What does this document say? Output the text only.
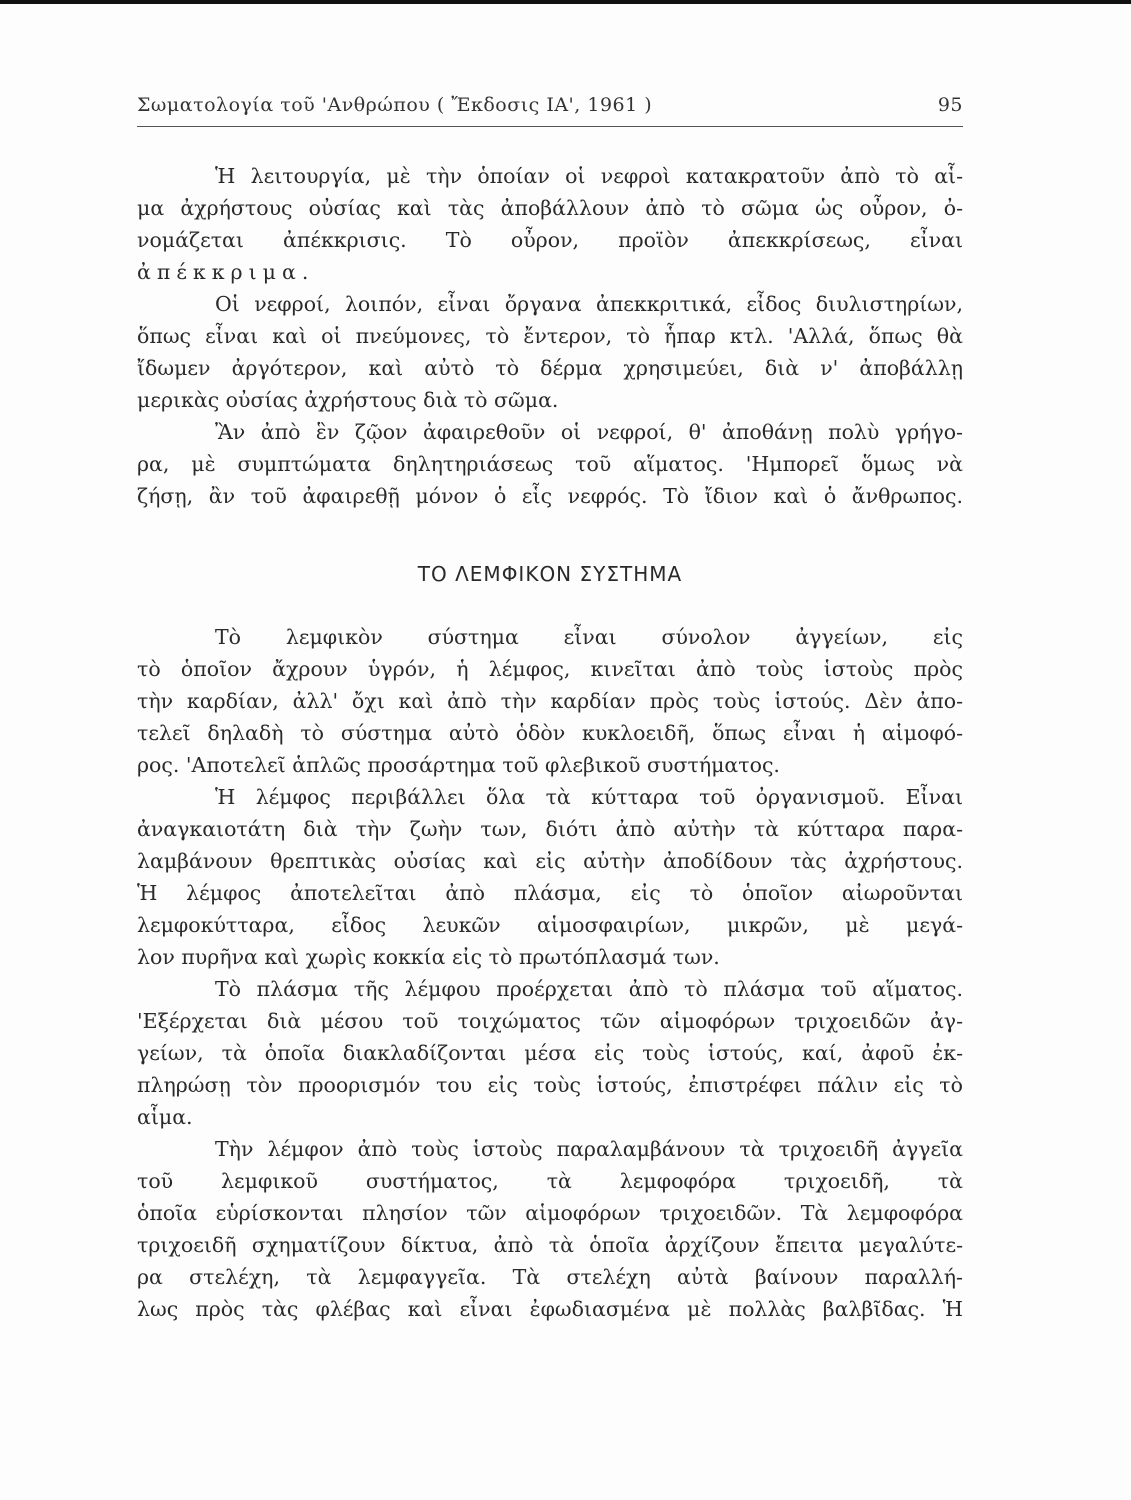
Σωματολογία τοῦ 'Ανθρώπου ( Ἔκδοσις ΙΑ', 1961 )	95
Ἡ λειτουργία, μὲ τὴν ὁποίαν οἱ νεφροὶ κατακρατοῦν ἀπὸ τὸ αἷ-
μα ἀχρήστους οὐσίας καὶ τὰς ἀποβάλλουν ἀπὸ τὸ σῶμα ὡς οὖρον, ὀ-
νομάζεται ἀπέκκρισις. Τὸ οὖρον, προϊὸν ἀπεκκρίσεως, εἶναι
ἀπέκκριμα.
Οἱ νεφροί, λοιπόν, εἶναι ὄργανα ἀπεκκριτικά, εἶδος διυλιστηρίων,
ὅπως εἶναι καὶ οἱ πνεύμονες, τὸ ἔντερον, τὸ ἧπαρ κτλ. 'Αλλά, ὅπως θὰ
ἴδωμεν ἀργότερον, καὶ αὐτὸ τὸ δέρμα χρησιμεύει, διὰ ν' ἀποβάλλῃ
μερικὰς οὐσίας ἀχρήστους διὰ τὸ σῶμα.
Ἂν ἀπὸ ἓν ζῷον ἀφαιρεθοῦν οἱ νεφροί, θ' ἀποθάνῃ πολὺ γρήγο-
ρα, μὲ συμπτώματα δηλητηριάσεως τοῦ αἵματος. 'Ημπορεῖ ὅμως νὰ
ζήσῃ, ἂν τοῦ ἀφαιρεθῇ μόνον ὁ εἷς νεφρός. Τὸ ἴδιον καὶ ὁ ἄνθρωπος.
ΤΟ ΛΕΜΦΙΚΟΝ ΣΥΣΤΗΜΑ
Τὸ λεμφικὸν σύστημα εἶναι σύνολον ἀγγείων, εἰς
τὸ ὁποῖον ἄχρουν ὑγρόν, ἡ λέμφος, κινεῖται ἀπὸ τοὺς ἱστοὺς πρὸς
τὴν καρδίαν, ἀλλ' ὄχι καὶ ἀπὸ τὴν καρδίαν πρὸς τοὺς ἱστούς. Δὲν ἀπο-
τελεῖ δηλαδὴ τὸ σύστημα αὐτὸ ὁδὸν κυκλοειδῆ, ὅπως εἶναι ἡ αἱμοφό-
ρος. 'Αποτελεῖ ἁπλῶς προσάρτημα τοῦ φλεβικοῦ συστήματος.
Ἡ λέμφος περιβάλλει ὅλα τὰ κύτταρα τοῦ ὀργανισμοῦ. Εἶναι
ἀναγκαιοτάτη διὰ τὴν ζωὴν των, διότι ἀπὸ αὐτὴν τὰ κύτταρα παρα-
λαμβάνουν θρεπτικὰς οὐσίας καὶ εἰς αὐτὴν ἀποδίδουν τὰς ἀχρήστους.
Ἡ λέμφος ἀποτελεῖται ἀπὸ πλάσμα, εἰς τὸ ὁποῖον αἰωροῦνται
λεμφοκύτταρα, εἶδος λευκῶν αἱμοσφαιρίων, μικρῶν, μὲ μεγά-
λον πυρῆνα καὶ χωρὶς κοκκία εἰς τὸ πρωτόπλασμά των.
Τὸ πλάσμα τῆς λέμφου προέρχεται ἀπὸ τὸ πλάσμα τοῦ αἵματος.
'Εξέρχεται διὰ μέσου τοῦ τοιχώματος τῶν αἱμοφόρων τριχοειδῶν ἀγ-
γείων, τὰ ὁποῖα διακλαδίζονται μέσα εἰς τοὺς ἱστούς, καί, ἀφοῦ ἐκ-
πληρώσῃ τὸν προορισμόν του εἰς τοὺς ἱστούς, ἐπιστρέφει πάλιν εἰς τὸ
αἷμα.
Τὴν λέμφον ἀπὸ τοὺς ἱστοὺς παραλαμβάνουν τὰ τριχοειδῆ ἀγγεῖα
τοῦ λεμφικοῦ συστήματος, τὰ λεμφοφόρα τριχοειδῆ, τὰ
ὁποῖα εὑρίσκονται πλησίον τῶν αἱμοφόρων τριχοειδῶν. Τὰ λεμφοφόρα
τριχοειδῆ σχηματίζουν δίκτυα, ἀπὸ τὰ ὁποῖα ἀρχίζουν ἔπειτα μεγαλύτε-
ρα στελέχη, τὰ λεμφαγγεῖα. Τὰ στελέχη αὐτὰ βαίνουν παραλλή-
λως πρὸς τὰς φλέβας καὶ εἶναι ἐφωδιασμένα μὲ πολλὰς βαλβῖδας. Ἡ
